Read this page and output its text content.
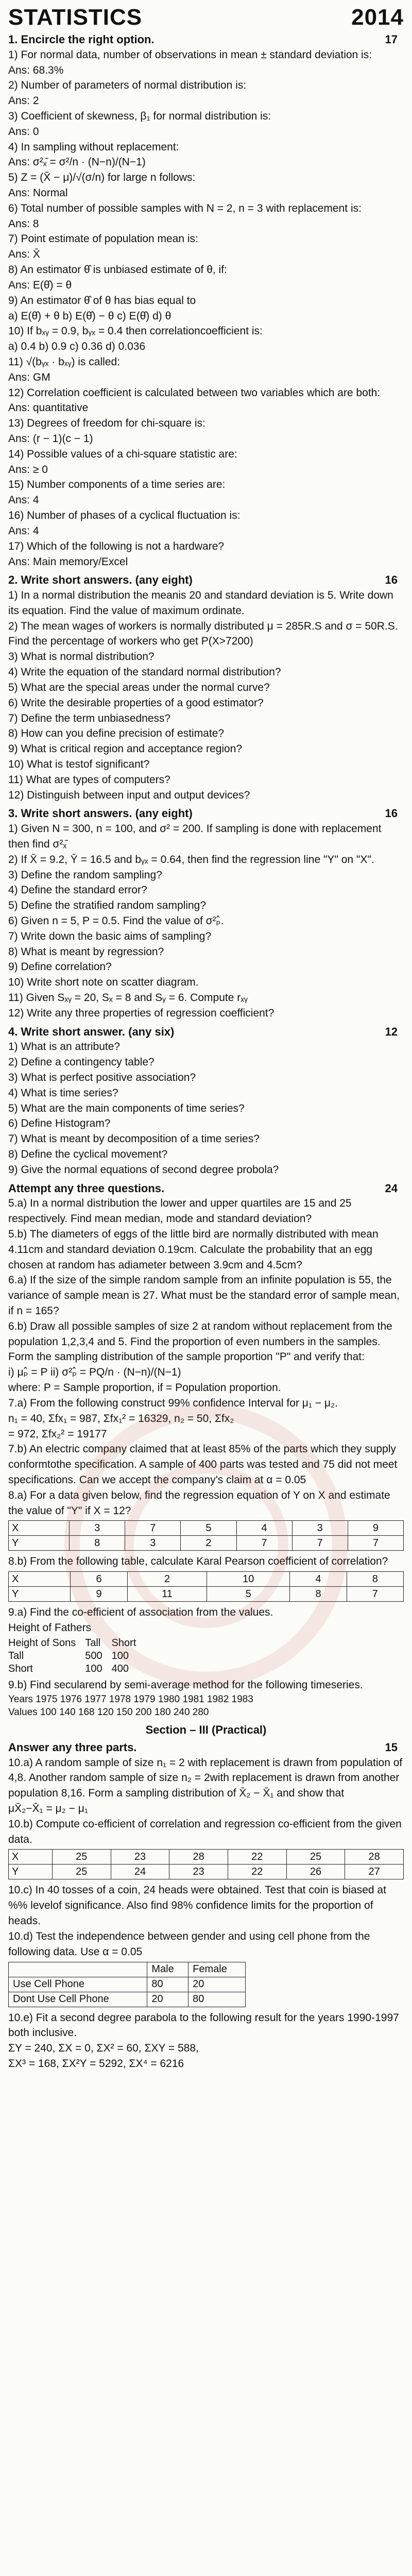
STATISTICS	2014
1. Encircle the right option.	17
1) For normal data, number of observations in mean ± standard deviation is:
Ans: 68.3%
2) Number of parameters of normal distribution is:
Ans: 2
3) Coefficient of skewness, β₁ for normal distribution is:
Ans: 0
4) In sampling without replacement:
Ans: σ²ₓ̄ = σ²/n · (N−n)/(N−1)
5) Z = (X̄ − μ)/√(σ/n) for large n follows:
Ans: Normal
6) Total number of possible samples with N = 2, n = 3 with replacement is:
Ans: 8
7) Point estimate of population mean is:
Ans: X̄
8) An estimator θ̂ is unbiased estimate of θ, if:
Ans: E(θ̂) = θ
9) An estimator θ̂ of θ has bias equal to
a) E(θ̂) + θ b) E(θ̂) − θ c) E(θ̂) d) θ
10) If bₓᵧ = 0.9, bᵧₓ = 0.4 then correlationcoefficient is:
a) 0.4 b) 0.9 c) 0.36 d) 0.036
11) √(bᵧₓ · bₓᵧ) is called:
Ans: GM
12) Correlation coefficient is calculated between two variables which are both:
Ans: quantitative
13) Degrees of freedom for chi-square is:
Ans: (r − 1)(c − 1)
14) Possible values of a chi-square statistic are:
Ans: ≥ 0
15) Number components of a time series are:
Ans: 4
16) Number of phases of a cyclical fluctuation is:
Ans: 4
17) Which of the following is not a hardware?
Ans: Main memory/Excel
2. Write short answers. (any eight)	16
1) In a normal distribution the meanis 20 and standard deviation is 5. Write down its equation. Find the value of maximum ordinate.
2) The mean wages of workers is normally distributed μ = 285R.S and σ = 50R.S. Find the percentage of workers who get P(X>7200)
3) What is normal distribution?
4) Write the equation of the standard normal distribution?
5) What are the special areas under the normal curve?
6) Write the desirable properties of a good estimator?
7) Define the term unbiasedness?
8) How can you define precision of estimate?
9) What is critical region and acceptance region?
10) What is testof significant?
11) What are types of computers?
12) Distinguish between input and output devices?
3. Write short answers. (any eight)	16
1) Given N = 300, n = 100, and σ² = 200. If sampling is done with replacement then find σ²ₓ̄
2) If X̄ = 9.2, Ȳ = 16.5 and bᵧₓ = 0.64, then find the regression line "Y" on "X".
3) Define the random sampling?
4) Define the standard error?
5) Define the stratified random sampling?
6) Given n = 5, P = 0.5. Find the value of σ²ₚ̂.
7) Write down the basic aims of sampling?
8) What is meant by regression?
9) Define correlation?
10) Write short note on scatter diagram.
11) Given Sₓᵧ = 20, Sₓ = 8 and Sᵧ = 6. Compute rₓᵧ
12) Write any three properties of regression coefficient?
4. Write short answer. (any six)	12
1) What is an attribute?
2) Define a contingency table?
3) What is perfect positive association?
4) What is time series?
5) What are the main components of time series?
6) Define Histogram?
7) What is meant by decomposition of a time series?
8) Define the cyclical movement?
9) Give the normal equations of second degree probola?
Attempt any three questions.	24
5.a) In a normal distribution the lower and upper quartiles are 15 and 25 respectively. Find mean median, mode and standard deviation?
5.b) The diameters of eggs of the little bird are normally distributed with mean 4.11cm and standard deviation 0.19cm. Calculate the probability that an egg chosen at random has adiameter between 3.9cm and 4.5cm?
6.a) If the size of the simple random sample from an infinite population is 55, the variance of sample mean is 27. What must be the standard error of sample mean, if n = 165?
6.b) Draw all possible samples of size 2 at random without replacement from the population 1,2,3,4 and 5. Find the proportion of even numbers in the samples. Form the sampling distribution of the sample proportion "P" and verify that:
i) μₚ̂ = P ii) σ²ₚ̂ = PQ/n · (N−n)/(N−1)
where: P = Sample proportion, if = Population proportion.
7.a) From the following construct 99% confidence Interval for μ₁ − μ₂.
n₁ = 40, Σfx₁ = 987, Σfx₁² = 16329, n₂ = 50, Σfx₂
= 972, Σfx₂² = 19177
7.b) An electric company claimed that at least 85% of the parts which they supply conformtothe specification. A sample of 400 parts was tested and 75 did not meet specifications. Can we accept the company's claim at α = 0.05
8.a) For a data given below, find the regression equation of Y on X and estimate the value of "Y" if X = 12?
X	3	7	5	4	3	9
Y	8	3	2	7	7	7
8.b) From the following table, calculate Karal Pearson coefficient of correlation?
X	6	2	10	4	8
Y	9	11	5	8	7
9.a) Find the co-efficient of association from the values.
Height of Fathers
Height of Sons	Tall	Short
Tall	500	100
Short	100	400
9.b) Find secularend by semi-average method for the following timeseries.
Years 1975 1976 1977 1978 1979 1980 1981 1982 1983
Values 100 140 168 120 150 200 180 240 280
Section – III (Practical)
Answer any three parts.	15
10.a) A random sample of size n₁ = 2 with replacement is drawn from population of 4,8. Another random sample of size n₂ = 2with replacement is drawn from another population 8,16. Form a sampling distribution of X̄₂ − X̄₁ and show that
μX̄₂−X̄₁ = μ₂ − μ₁
10.b) Compute co-efficient of correlation and regression co-efficient from the given data.
X	25	23	28	22	25	28
Y	25	24	23	22	26	27
10.c) In 40 tosses of a coin, 24 heads were obtained. Test that coin is biased at %% levelof significance. Also find 98% confidence limits for the proportion of heads.
10.d) Test the independence between gender and using cell phone from the following data. Use α = 0.05
	Male	Female
Use Cell Phone	80	20
Dont Use Cell Phone	20	80
10.e) Fit a second degree parabola to the following result for the years 1990-1997 both inclusive.
ΣY = 240, ΣX = 0, ΣX² = 60, ΣXY = 588,
ΣX³ = 168, ΣX²Y = 5292, ΣX⁴ = 6216
